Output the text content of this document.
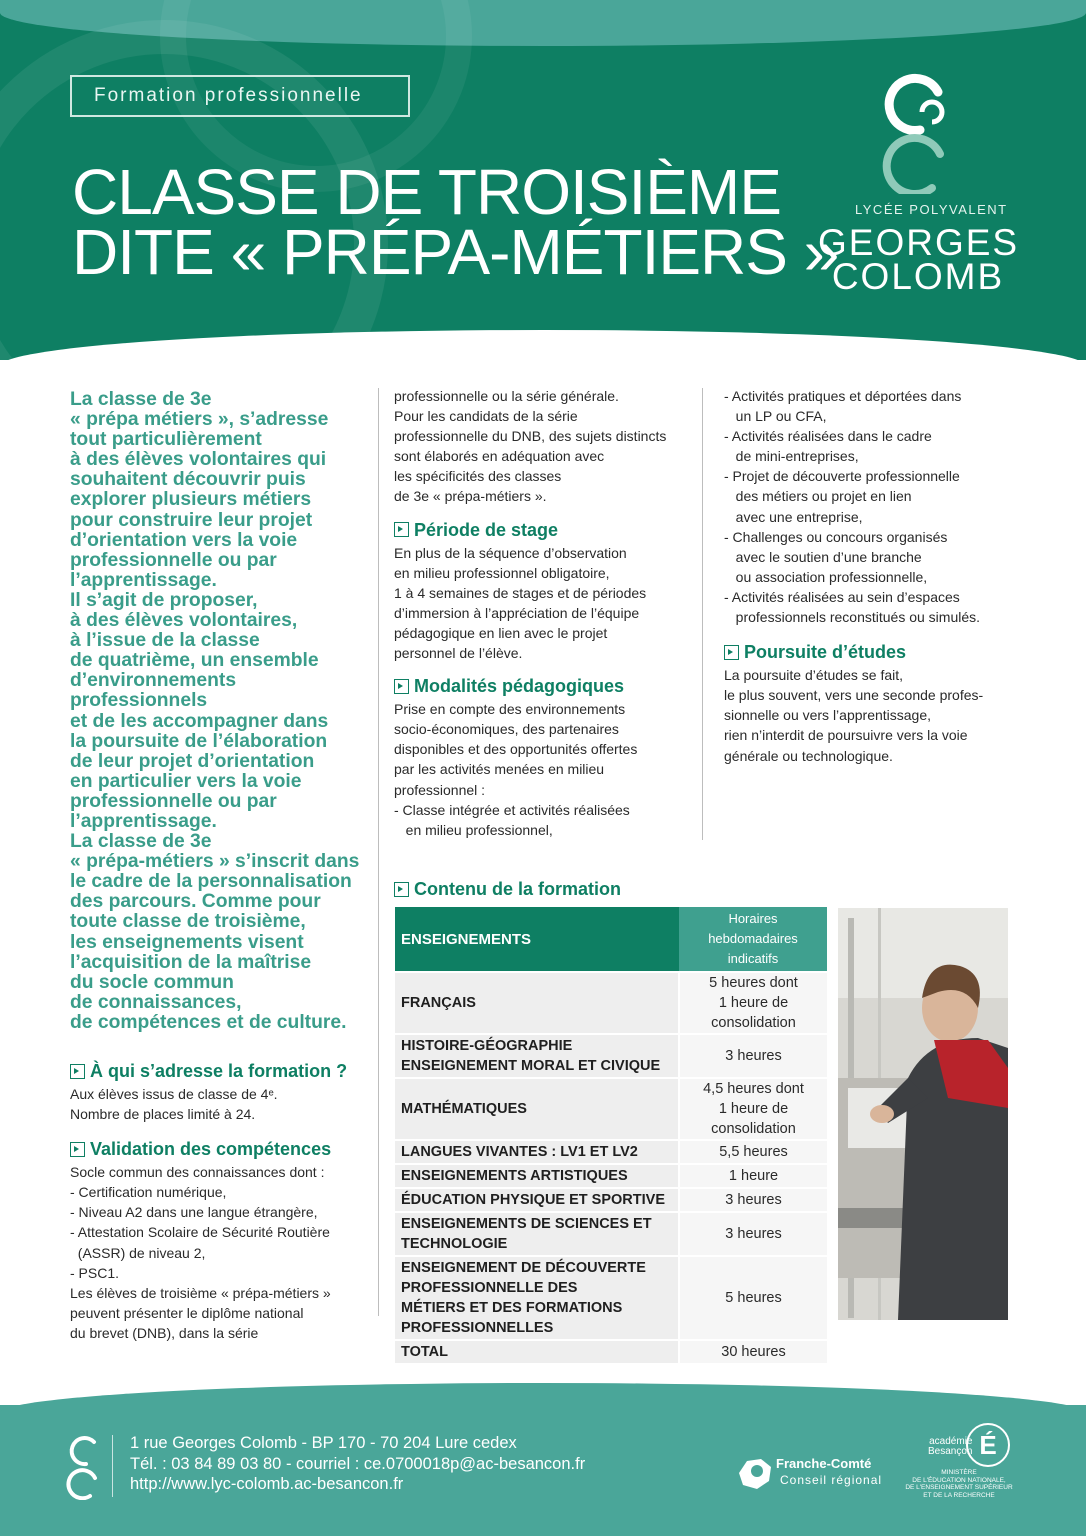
Formation professionnelle
CLASSE DE TROISIÈME
DITE « PRÉPA-MÉTIERS »
LYCÉE POLYVALENT
GEORGES
COLOMB

La classe de 3e

« prépa métiers », s’adresse

tout particulièrement

à des élèves volontaires qui

souhaitent découvrir puis

explorer plusieurs métiers

pour construire leur projet

d’orientation vers la voie

professionnelle ou par

l’apprentissage.

Il s’agit de proposer,

à des élèves volontaires,

à l’issue de la classe

de quatrième, un ensemble

d’environnements

professionnels

et de les accompagner dans

la poursuite de l’élaboration

de leur projet d’orientation

en particulier vers la voie

professionnelle ou par

l’apprentissage.

La classe de 3e

« prépa-métiers » s’inscrit dans

le cadre de la personnalisation

des parcours. Comme pour

toute classe de troisième,

les enseignements visent

l’acquisition de la maîtrise

du socle commun

de connaissances,

de compétences et de culture.

À qui s’adresse la formation ?

Aux élèves issus de classe de 4ᵉ.

Nombre de places limité à 24.

Validation des compétences

Socle commun des connaissances dont :

- Certification numérique,

- Niveau A2 dans une langue étrangère,

- Attestation Scolaire de Sécurité Routière

(ASSR) de niveau 2,

- PSC1.

Les élèves de troisième « prépa-métiers »

peuvent présenter le diplôme national

du brevet (DNB), dans la série

professionnelle ou la série générale.

Pour les candidats de la série

professionnelle du DNB, des sujets distincts

sont élaborés en adéquation avec

les spécificités des classes

de 3e « prépa-métiers ».

Période de stage

En plus de la séquence d’observation

en milieu professionnel obligatoire,

1 à 4 semaines de stages et de périodes

d’immersion à l’appréciation de l’équipe

pédagogique en lien avec le projet

personnel de l’élève.

Modalités pédagogiques

Prise en compte des environnements

socio-économiques, des partenaires

disponibles et des opportunités offertes

par les activités menées en milieu

professionnel :

- Classe intégrée et activités réalisées

en milieu professionnel,

- Activités pratiques et déportées dans

un LP ou CFA,

- Activités réalisées dans le cadre

de mini-entreprises,

- Projet de découverte professionnelle

des métiers ou projet en lien

avec une entreprise,

- Challenges ou concours organisés

avec le soutien d’une branche

ou association professionnelle,

- Activités réalisées au sein d’espaces

professionnels reconstitués ou simulés.

Poursuite d’études

La poursuite d’études se fait,

le plus souvent, vers une seconde profes-

sionnelle ou vers l’apprentissage,

rien n’interdit de poursuivre vers la voie

générale ou technologique.

Contenu de la formation
ENSEIGNEMENTS	Horaires
hebdomadaires
indicatifs

FRANÇAIS	5 heures dont
1 heure de
consolidation
HISTOIRE-GÉOGRAPHIE
ENSEIGNEMENT MORAL ET CIVIQUE	3 heures
MATHÉMATIQUES	4,5 heures dont
1 heure de
consolidation
LANGUES VIVANTES : LV1 ET LV2	5,5 heures
ENSEIGNEMENTS ARTISTIQUES	1 heure
ÉDUCATION PHYSIQUE ET SPORTIVE	3 heures
ENSEIGNEMENTS DE SCIENCES ET
TECHNOLOGIE	3 heures
ENSEIGNEMENT DE DÉCOUVERTE
PROFESSIONNELLE DES
MÉTIERS ET DES FORMATIONS
PROFESSIONNELLES	5 heures
TOTAL	30 heures
1 rue Georges Colomb - BP 170 - 70 204 Lure cedex
Tél. : 03 84 89 03 80 - courriel : ce.0700018p@ac-besancon.fr
http://www.lyc-colomb.ac-besancon.fr
Franche-Comté
Conseil régional
académie
Besançon É
MINISTÈRE
DE L'ÉDUCATION NATIONALE,
DE L'ENSEIGNEMENT SUPÉRIEUR
ET DE LA RECHERCHE
